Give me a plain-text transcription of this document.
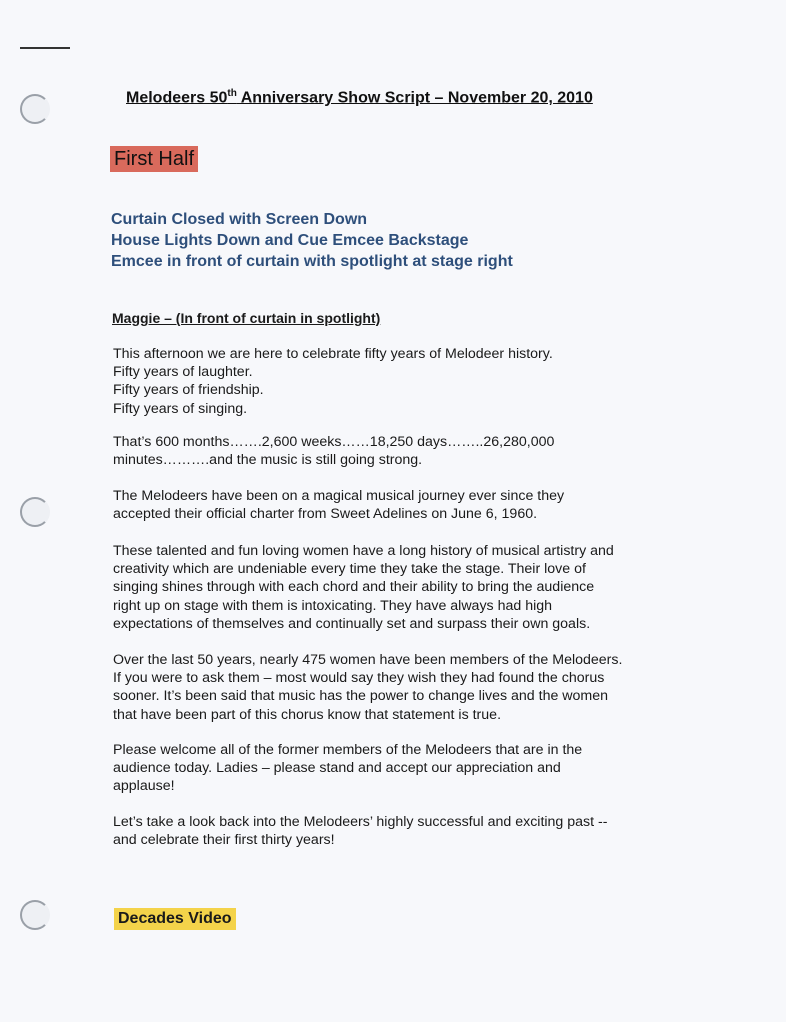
Melodeers 50th Anniversary Show Script – November 20, 2010
First Half
Curtain Closed with Screen Down
House Lights Down and Cue Emcee Backstage
Emcee in front of curtain with spotlight at stage right
Maggie – (In front of curtain in spotlight)

This afternoon we are here to celebrate fifty years of Melodeer history.

Fifty years of laughter.

Fifty years of friendship.

Fifty years of singing.

That’s 600 months…….2,600 weeks……18,250 days……..26,280,000

minutes……….and the music is still going strong.

The Melodeers have been on a magical musical journey ever since they

accepted their official charter from Sweet Adelines on June 6, 1960.

These talented and fun loving women have a long history of musical artistry and

creativity which are undeniable every time they take the stage. Their love of

singing shines through with each chord and their ability to bring the audience

right up on stage with them is intoxicating. They have always had high

expectations of themselves and continually set and surpass their own goals.

Over the last 50 years, nearly 475 women have been members of the Melodeers.

If you were to ask them – most would say they wish they had found the chorus

sooner. It’s been said that music has the power to change lives and the women

that have been part of this chorus know that statement is true.

Please welcome all of the former members of the Melodeers that are in the

audience today. Ladies – please stand and accept our appreciation and

applause!

Let’s take a look back into the Melodeers’ highly successful and exciting past --

and celebrate their first thirty years!

Decades Video
